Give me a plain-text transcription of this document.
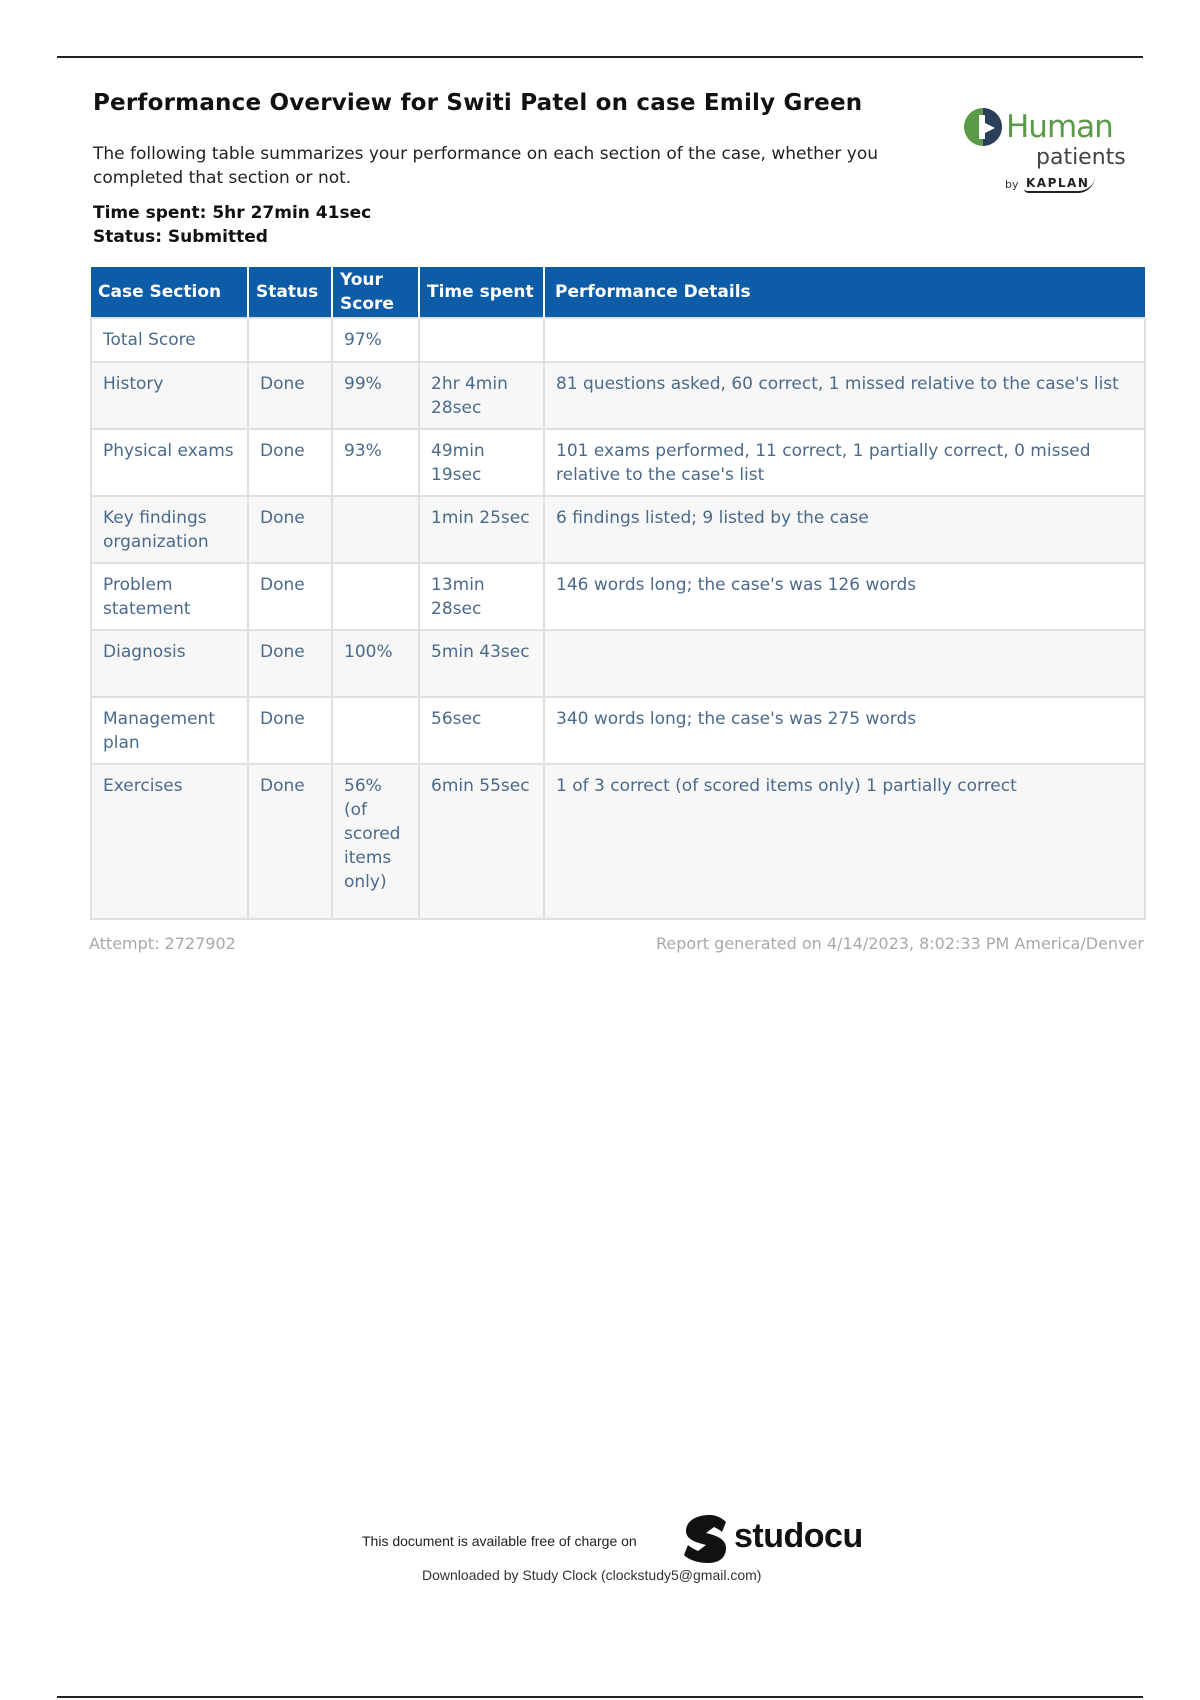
Performance Overview for Switi Patel on case Emily Green

The following table summarizes your performance on each section of the case, whether you completed that section or not.

Time spent: 5hr 27min 41sec
Status: Submitted
Human
patients
by KAPLAN
Case Section	Status	Your Score	Time spent	Performance Details
Total Score		97%		
History	Done	99%	2hr 4min 28sec	81 questions asked, 60 correct, 1 missed relative to the case's list
Physical exams	Done	93%	49min 19sec	101 exams performed, 11 correct, 1 partially correct, 0 missed relative to the case's list
Key findings organization	Done		1min 25sec	6 findings listed; 9 listed by the case
Problem statement	Done		13min 28sec	146 words long; the case's was 126 words
Diagnosis	Done	100%	5min 43sec	
Management plan	Done		56sec	340 words long; the case's was 275 words
Exercises	Done	56% (of scored items only)	6min 55sec	1 of 3 correct (of scored items only) 1 partially correct
Attempt: 2727902	Report generated on 4/14/2023, 8:02:33 PM America/Denver
This document is available free of charge on	studocu
Downloaded by Study Clock (clockstudy5@gmail.com)
